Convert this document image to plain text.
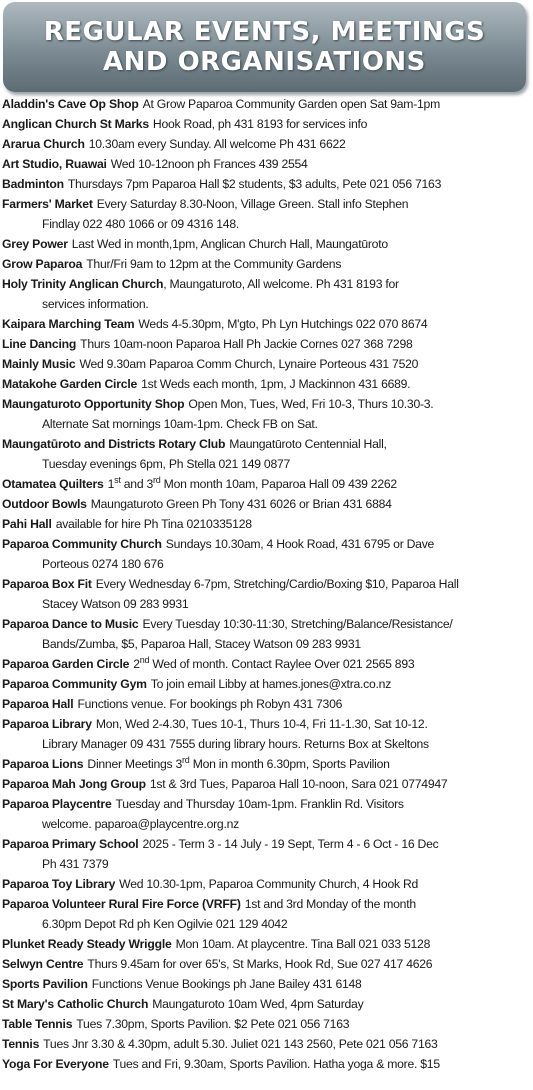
REGULAR EVENTS, MEETINGS
AND ORGANISATIONS
Aladdin's Cave Op Shop At Grow Paparoa Community Garden open Sat 9am-1pm
Anglican Church St Marks Hook Road, ph 431 8193 for services info
Ararua Church 10.30am every Sunday. All welcome Ph 431 6622
Art Studio, Ruawai Wed 10-12noon ph Frances 439 2554
Badminton Thursdays 7pm Paparoa Hall $2 students, $3 adults, Pete 021 056 7163
Farmers' Market Every Saturday 8.30-Noon, Village Green. Stall info Stephen
Findlay 022 480 1066 or 09 4316 148.
Grey Power Last Wed in month,1pm, Anglican Church Hall, Maungatūroto
Grow Paparoa Thur/Fri 9am to 12pm at the Community Gardens
Holy Trinity Anglican Church, Maungaturoto, All welcome. Ph 431 8193 for
services information.
Kaipara Marching Team Weds 4-5.30pm, M'gto, Ph Lyn Hutchings 022 070 8674
Line Dancing Thurs 10am-noon Paparoa Hall Ph Jackie Cornes 027 368 7298
Mainly Music Wed 9.30am Paparoa Comm Church, Lynaire Porteous 431 7520
Matakohe Garden Circle 1st Weds each month, 1pm, J Mackinnon 431 6689.
Maungaturoto Opportunity Shop Open Mon, Tues, Wed, Fri 10-3, Thurs 10.30-3.
Alternate Sat mornings 10am-1pm. Check FB on Sat.
Maungatūroto and Districts Rotary Club Maungatūroto Centennial Hall,
Tuesday evenings 6pm, Ph Stella 021 149 0877
Otamatea Quilters 1st and 3rd Mon month 10am, Paparoa Hall 09 439 2262
Outdoor Bowls Maungaturoto Green Ph Tony 431 6026 or Brian 431 6884
Pahi Hall available for hire Ph Tina 0210335128
Paparoa Community Church Sundays 10.30am, 4 Hook Road, 431 6795 or Dave
Porteous 0274 180 676
Paparoa Box Fit Every Wednesday 6-7pm, Stretching/Cardio/Boxing $10, Paparoa Hall
Stacey Watson 09 283 9931
Paparoa Dance to Music Every Tuesday 10:30-11:30, Stretching/Balance/Resistance/
Bands/Zumba, $5, Paparoa Hall, Stacey Watson 09 283 9931
Paparoa Garden Circle 2nd Wed of month. Contact Raylee Over 021 2565 893
Paparoa Community Gym To join email Libby at hames.jones@xtra.co.nz
Paparoa Hall Functions venue. For bookings ph Robyn 431 7306
Paparoa Library Mon, Wed 2-4.30, Tues 10-1, Thurs 10-4, Fri 11-1.30, Sat 10-12.
Library Manager 09 431 7555 during library hours. Returns Box at Skeltons
Paparoa Lions Dinner Meetings 3rd Mon in month 6.30pm, Sports Pavilion
Paparoa Mah Jong Group 1st & 3rd Tues, Paparoa Hall 10-noon, Sara 021 0774947
Paparoa Playcentre Tuesday and Thursday 10am-1pm. Franklin Rd. Visitors
welcome. paparoa@playcentre.org.nz
Paparoa Primary School 2025 - Term 3 - 14 July - 19 Sept, Term 4 - 6 Oct - 16 Dec
Ph 431 7379
Paparoa Toy Library Wed 10.30-1pm, Paparoa Community Church, 4 Hook Rd
Paparoa Volunteer Rural Fire Force (VRFF) 1st and 3rd Monday of the month
6.30pm Depot Rd ph Ken Ogilvie 021 129 4042
Plunket Ready Steady Wriggle Mon 10am. At playcentre. Tina Ball 021 033 5128
Selwyn Centre Thurs 9.45am for over 65's, St Marks, Hook Rd, Sue 027 417 4626
Sports Pavilion Functions Venue Bookings ph Jane Bailey 431 6148
St Mary's Catholic Church Maungaturoto 10am Wed, 4pm Saturday
Table Tennis Tues 7.30pm, Sports Pavilion. $2 Pete 021 056 7163
Tennis Tues Jnr 3.30 & 4.30pm, adult 5.30. Juliet 021 143 2560, Pete 021 056 7163
Yoga For Everyone Tues and Fri, 9.30am, Sports Pavilion. Hatha yoga & more. $15
